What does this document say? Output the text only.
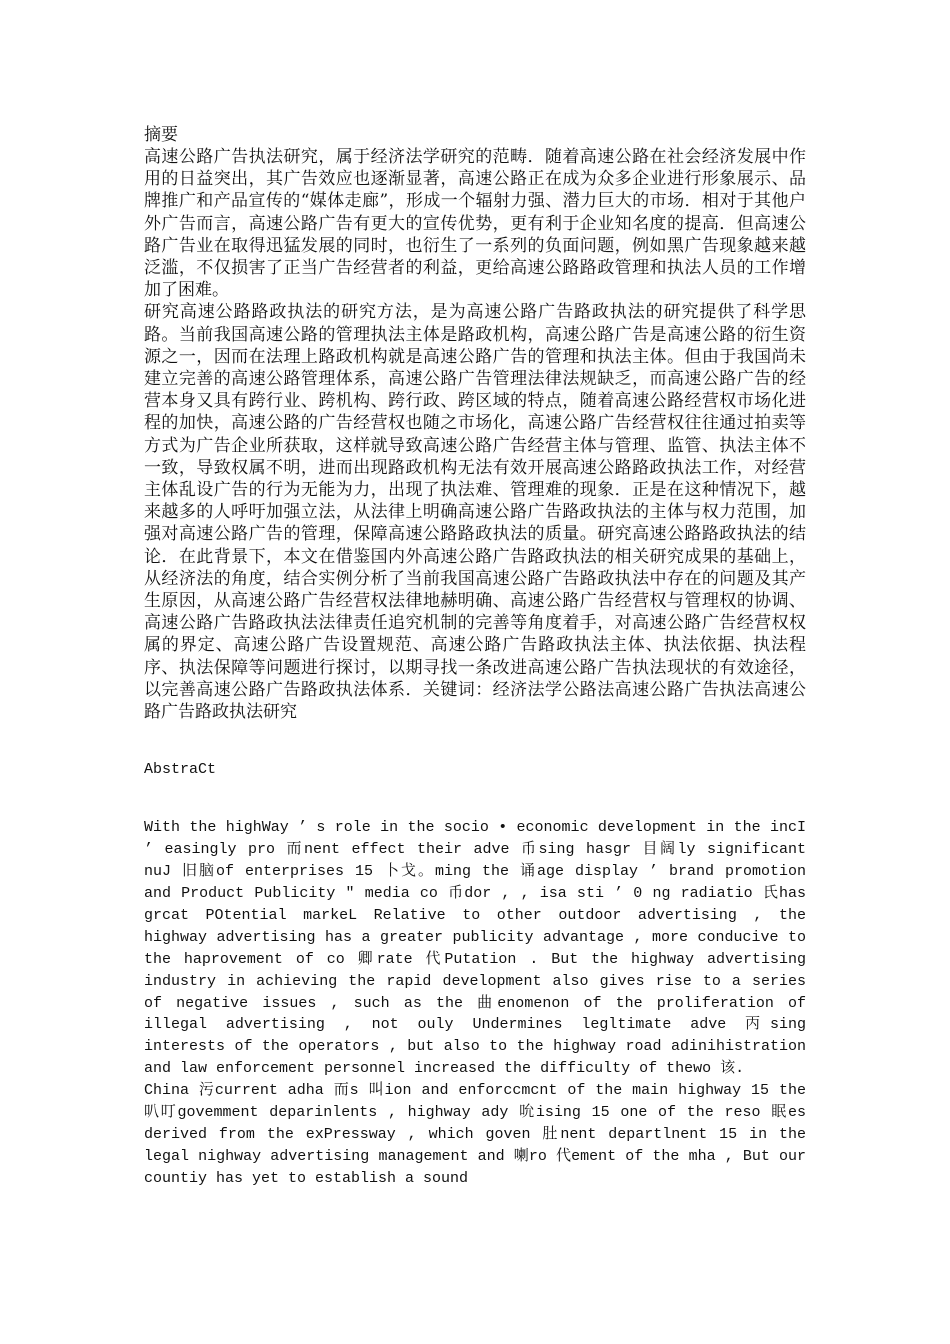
摘要

高速公路广告执法研究，属于经济法学研究的范畴．随着高速公路在社会经济发展中作用的日益突出，其广告效应也逐渐显著，高速公路正在成为众多企业进行形象展示、品牌推广和产品宣传的“媒体走廊”，形成一个辐射力强、潜力巨大的市场．相对于其他户外广告而言，高速公路广告有更大的宣传优势，更有利于企业知名度的提高．但高速公路广告业在取得迅猛发展的同时，也衍生了一系列的负面问题，例如黑广告现象越来越泛滥，不仅损害了正当广告经营者的利益，更给高速公路路政管理和执法人员的工作增加了困难。

研究高速公路路政执法的研究方法，是为高速公路广告路政执法的研究提供了科学思路。当前我国高速公路的管理执法主体是路政机构，高速公路广告是高速公路的衍生资源之一，因而在法理上路政机构就是高速公路广告的管理和执法主体。但由于我国尚未建立完善的高速公路管理体系，高速公路广告管理法律法规缺乏，而高速公路广告的经营本身又具有跨行业、跨机构、跨行政、跨区域的特点，随着高速公路经营权市场化进程的加快，高速公路的广告经营权也随之市场化，高速公路广告经营权往往通过拍卖等方式为广告企业所获取，这样就导致高速公路广告经营主体与管理、监管、执法主体不一致，导致权属不明，进而出现路政机构无法有效开展高速公路路政执法工作，对经营主体乱设广告的行为无能为力，出现了执法难、管理难的现象．正是在这种情况下，越来越多的人呼吁加强立法，从法律上明确高速公路广告路政执法的主体与权力范围，加强对高速公路广告的管理，保障高速公路路政执法的质量。研究高速公路路政执法的结论．在此背景下，本文在借鉴国内外高速公路广告路政执法的相关研究成果的基础上，从经济法的角度，结合实例分析了当前我国高速公路广告路政执法中存在的问题及其产生原因，从高速公路广告经营权法律地赫明确、高速公路广告经营权与管理权的协调、高速公路广告路政执法法律责任追究机制的完善等角度着手，对高速公路广告经营权权属的界定、高速公路广告设置规范、高速公路广告路政执法主体、执法依据、执法程序、执法保障等问题进行探讨，以期寻找一条改进高速公路广告执法现状的有效途径，以完善高速公路广告路政执法体系．关键词：经济法学公路法高速公路广告执法高速公路广告路政执法研究

AbstraCt

With the highWay ’ s role in the socio • economic development in the incI ’ easingly pro 而nent effect their adve 币sing hasgr 目阔ly significant nuJ 旧脑of enterprises 15 卜戈。ming the 诵age display ’ brand promotion and Product Publicity ″ media co 币dor , , isa sti ’ 0 ng radiatio 氏has grcat POtential markeL Relative to other outdoor advertising , the highway advertising has a greater publicity advantage , more conducive to the haprovement of co 卿rate 代Putation . But the highway advertising industry in achieving the rapid development also gives rise to a series of negative issues , such as the 曲enomenon of the proliferation of illegal advertising , not ouly Undermines legltimate adve 丙sing interests of the operators , but also to the highway road adinihistration and law enforcement personnel increased the difficulty of thewo 该.

China 污current adha 而s 叫ion and enforccmcnt of the main highway 15 the 叭叮govemment deparinlents , highway ady 吮ising 15 one of the reso 眠es derived from the exPressway , which goven 肚nent departlnent 15 in the legal nighway advertising management and 喇ro 代ement of the mha , But our countiy has yet to establish a sound
